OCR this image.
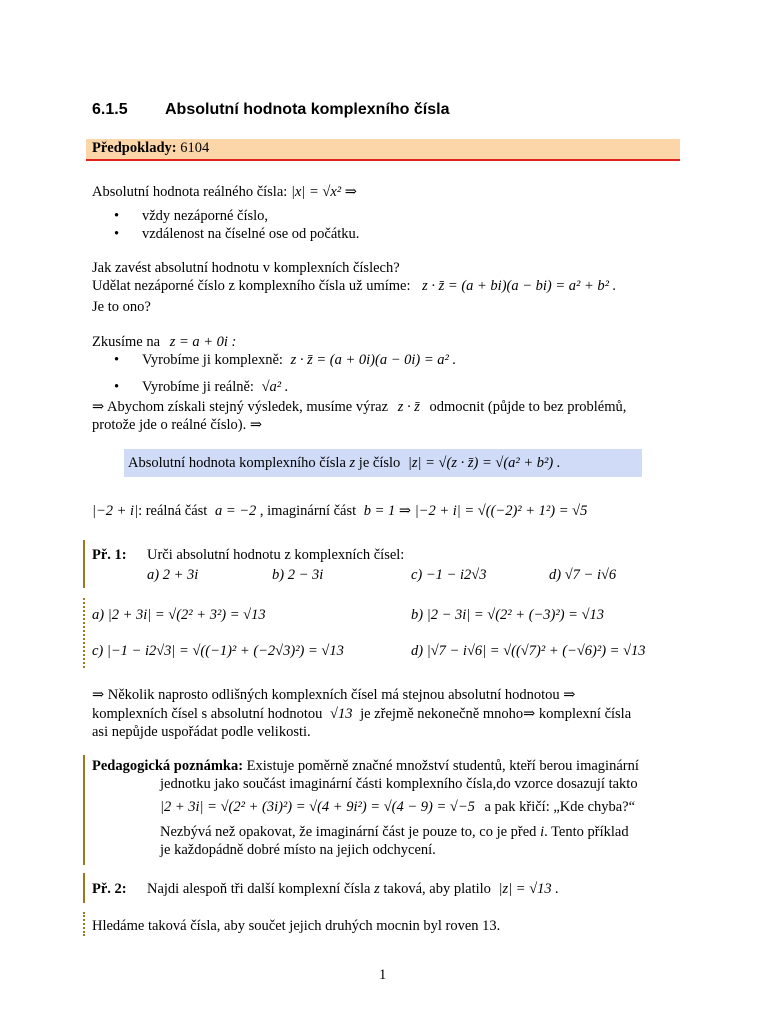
6.1.5 Absolutní hodnota komplexního čísla
Předpoklady: 6104
Absolutní hodnota reálného čísla: |x| = √x² ⇒
• vždy nezáporné číslo,
• vzdálenost na číselné ose od počátku.
Jak zavést absolutní hodnotu v komplexních číslech?
Udělat nezáporné číslo z komplexního čísla už umíme: z · z̄ = (a + bi)(a − bi) = a² + b² .
Je to ono?
Zkusíme na z = a + 0i :
• Vyrobíme ji komplexně: z · z̄ = (a + 0i)(a − 0i) = a² .
• Vyrobíme ji reálně: √a² .
⇒ Abychom získali stejný výsledek, musíme výraz z · z̄ odmocnit (půjde to bez problémů,
protože jde o reálné číslo). ⇒
Absolutní hodnota komplexního čísla z je číslo |z| = √(z · z̄) = √(a² + b²) .
|−2 + i|: reálná část a = −2 , imaginární část b = 1 ⇒ |−2 + i| = √((−2)² + 1²) = √5
Př. 1: Urči absolutní hodnotu z komplexních čísel:
a) 2 + 3i	b) 2 − 3i	c) −1 − i2√3	d) √7 − i√6
a) |2 + 3i| = √(2² + 3²) = √13	b) |2 − 3i| = √(2² + (−3)²) = √13
c) |−1 − i2√3| = √((−1)² + (−2√3)²) = √13	d) |√7 − i√6| = √((√7)² + (−√6)²) = √13
⇒ Několik naprosto odlišných komplexních čísel má stejnou absolutní hodnotou ⇒
komplexních čísel s absolutní hodnotou √13 je zřejmě nekonečně mnoho⇒ komplexní čísla
asi nepůjde uspořádat podle velikosti.
Pedagogická poznámka: Existuje poměrně značné množství studentů, kteří berou imaginární
jednotku jako součást imaginární části komplexního čísla,do vzorce dosazují takto
|2 + 3i| = √(2² + (3i)²) = √(4 + 9i²) = √(4 − 9) = √−5 a pak křičí: „Kde chyba?“
Nezbývá než opakovat, že imaginární část je pouze to, co je před i. Tento příklad
je každopádně dobré místo na jejich odchycení.
Př. 2: Najdi alespoň tři další komplexní čísla z taková, aby platilo |z| = √13 .
Hledáme taková čísla, aby součet jejich druhých mocnin byl roven 13.
1
